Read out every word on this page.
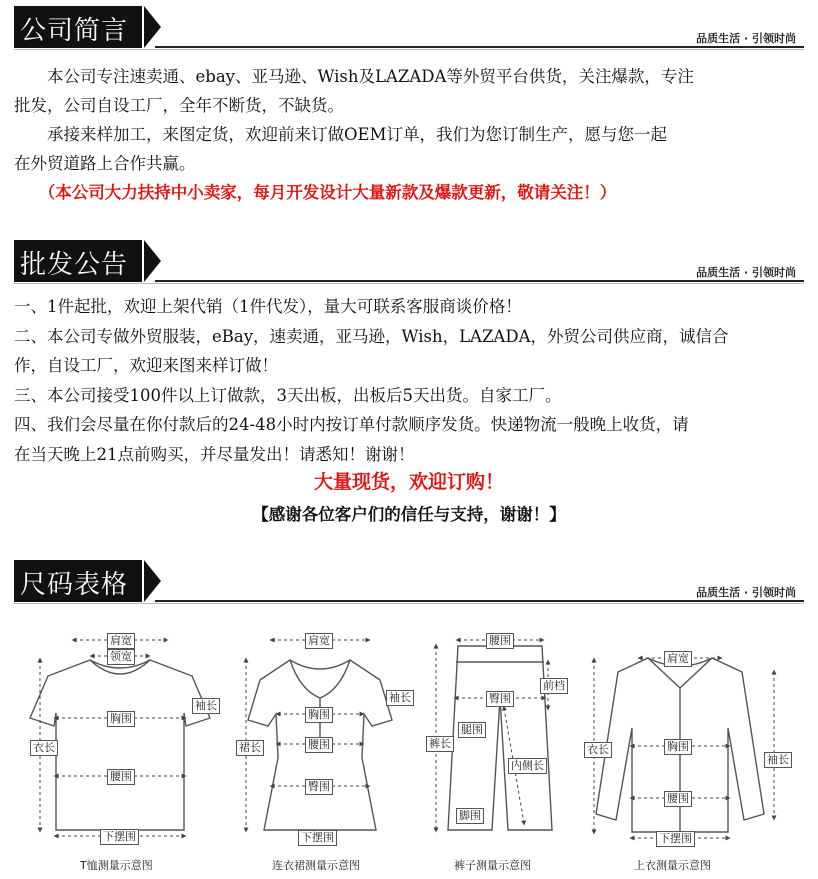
公司简言	品质生活 · 引领时尚
本公司专注速卖通、ebay、亚马逊、Wish及LAZADA等外贸平台供货，关注爆款，专注
批发，公司自设工厂，全年不断货，不缺货。
承接来样加工，来图定货，欢迎前来订做OEM订单，我们为您订制生产，愿与您一起
在外贸道路上合作共赢。
（本公司大力扶持中小卖家，每月开发设计大量新款及爆款更新，敬请关注！）
批发公告	品质生活 · 引领时尚
一、1件起批，欢迎上架代销（1件代发），量大可联系客服商谈价格！
二、本公司专做外贸服装，eBay，速卖通，亚马逊，Wish，LAZADA，外贸公司供应商，诚信合
作，自设工厂，欢迎来图来样订做！
三、本公司接受100件以上订做款，3天出板，出板后5天出货。自家工厂。
四、我们会尽量在你付款后的24-48小时内按订单付款顺序发货。快递物流一般晚上收货，请
在当天晚上21点前购买，并尽量发出！请悉知！谢谢！
大量现货，欢迎订购！
【感谢各位客户们的信任与支持，谢谢！】
尺码表格	品质生活 · 引领时尚
肩宽
领宽
袖长
胸围
衣长
腰围
下摆围
肩宽
袖长
胸围
裙长	腰围
臀围
下摆围
腰围
前档
臀围
腿围
裤长
内侧长
脚围
肩宽
衣长
袖长
胸围
腰围
下摆围
T恤测量示意图	连衣裙测量示意图	裤子测量示意图	上衣测量示意图
